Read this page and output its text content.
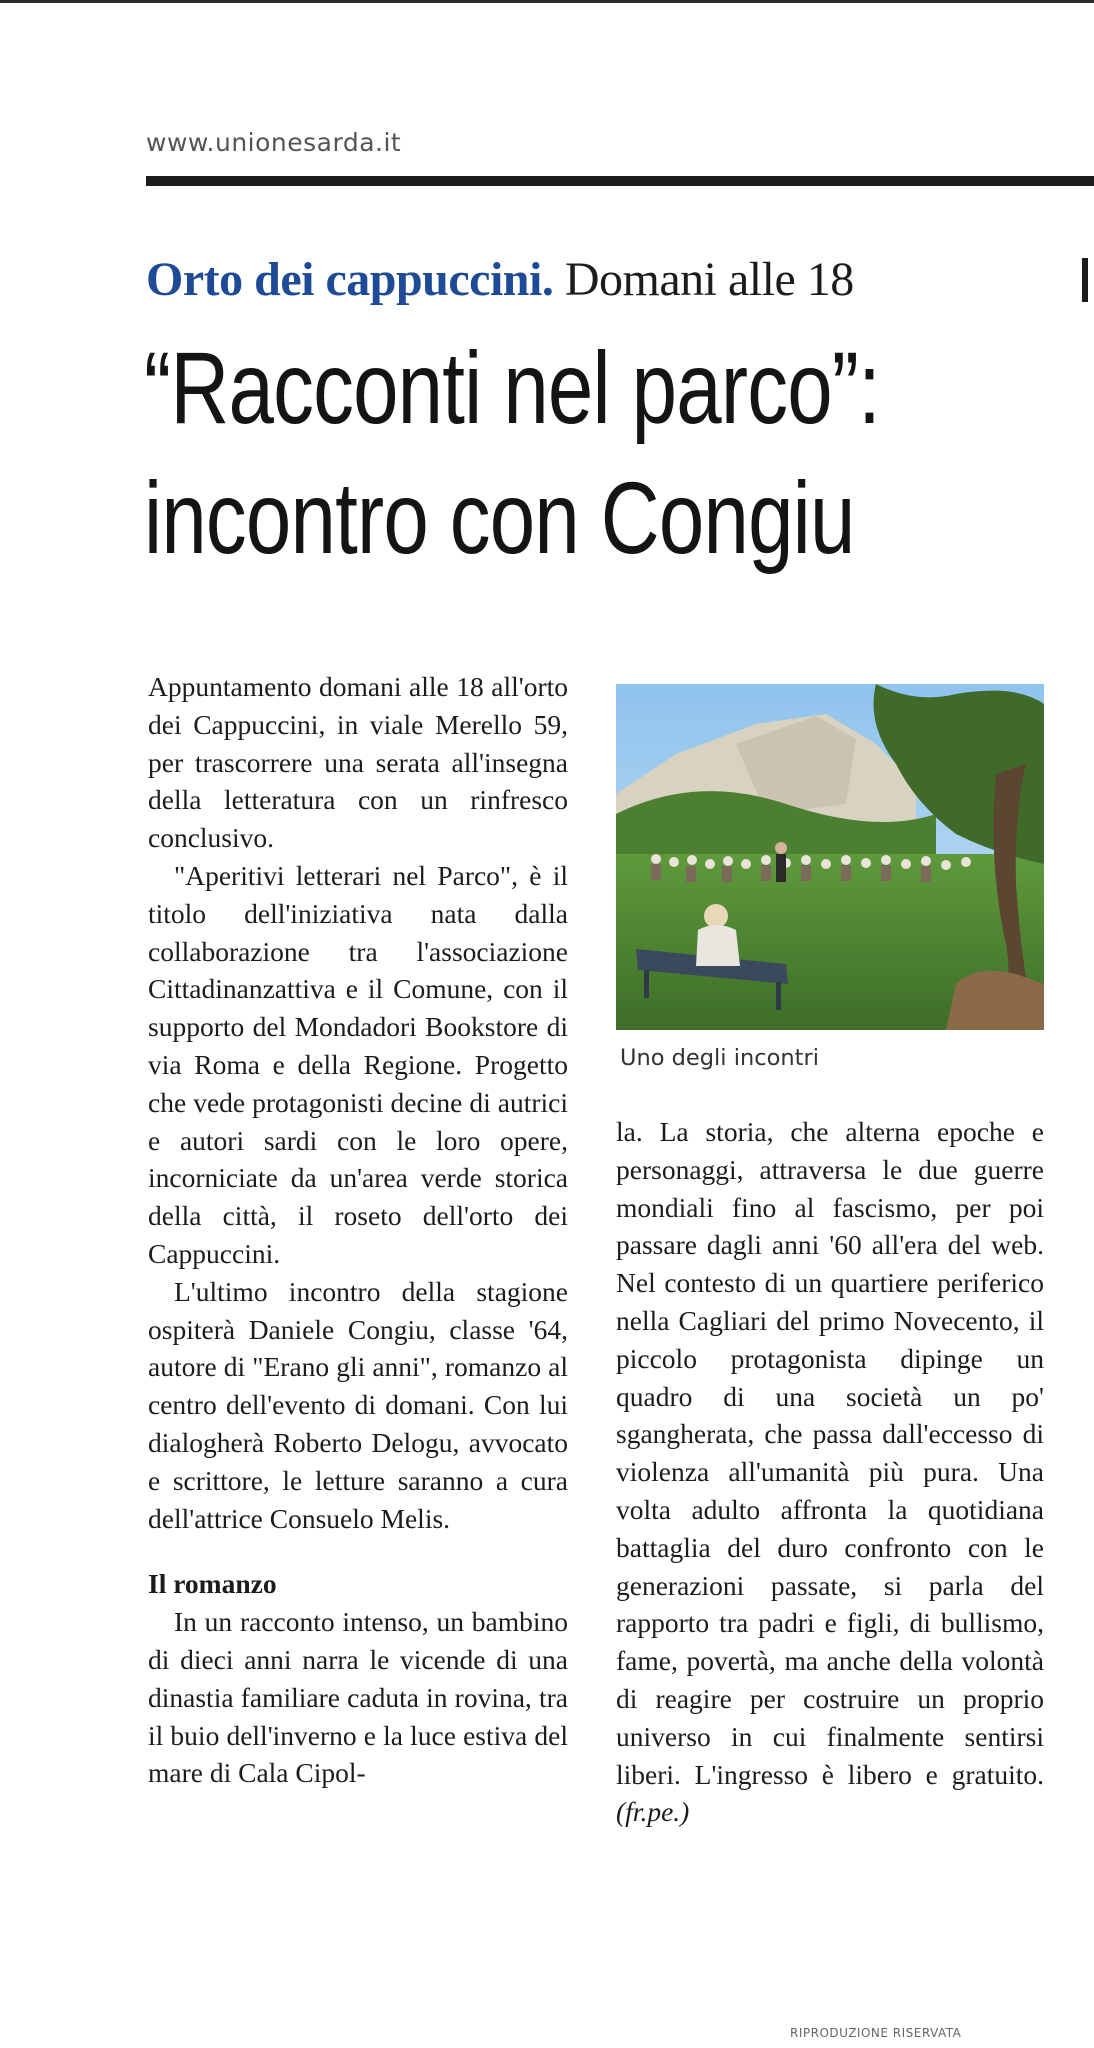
www.unionesarda.it
Orto dei cappuccini. Domani alle 18
“Racconti nel parco”:
incontro con Congiu

Appuntamento domani alle 18 all'orto dei Cappuccini, in viale Merello 59, per trascorrere una serata all'insegna della letteratura con un rinfresco conclusivo.

"Aperitivi letterari nel Parco", è il titolo dell'iniziativa nata dalla collaborazione tra l'associazione Cittadinanzattiva e il Comune, con il supporto del Mondadori Bookstore di via Roma e della Regione. Progetto che vede protagonisti decine di autrici e autori sardi con le loro opere, incorniciate da un'area verde storica della città, il roseto dell'orto dei Cappuccini.

L'ultimo incontro della stagione ospiterà Daniele Congiu, classe '64, autore di "Erano gli anni", romanzo al centro dell'evento di domani. Con lui dialogherà Roberto Delogu, avvocato e scrittore, le letture saranno a cura dell'attrice Consuelo Melis.

Il romanzo

In un racconto intenso, un bambino di dieci anni narra le vicende di una dinastia familiare caduta in rovina, tra il buio dell'inverno e la luce estiva del mare di Cala Cipol-

Uno degli incontri

la. La storia, che alterna epoche e personaggi, attraversa le due guerre mondiali fino al fascismo, per poi passare dagli anni '60 all'era del web. Nel contesto di un quartiere periferico nella Cagliari del primo Novecento, il piccolo protagonista dipinge un quadro di una società un po' sgangherata, che passa dall'eccesso di violenza all'umanità più pura. Una volta adulto affronta la quotidiana battaglia del duro confronto con le generazioni passate, si parla del rapporto tra padri e figli, di bullismo, fame, povertà, ma anche della volontà di reagire per costruire un proprio universo in cui finalmente sentirsi liberi. L'ingresso è libero e gratuito. (fr.pe.)

RIPRODUZIONE RISERVATA
